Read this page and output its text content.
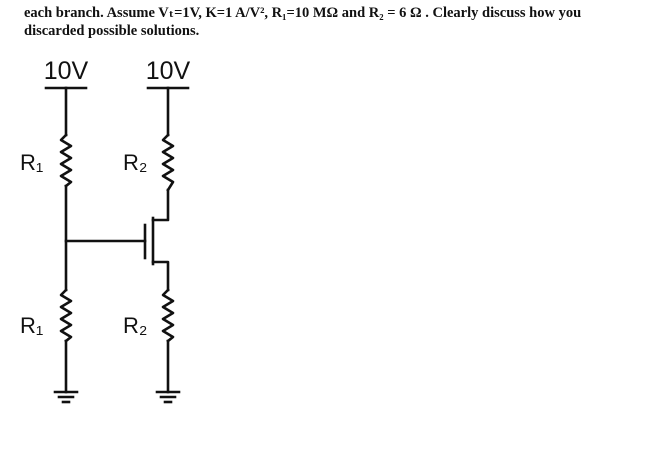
each branch. Assume Vₜ=1V, K=1 A/V², R₁=10 MΩ and R₂ = 6 Ω . Clearly discuss how you
discarded possible solutions.
10V 10V
R₁
R₁
R₂
R₂
